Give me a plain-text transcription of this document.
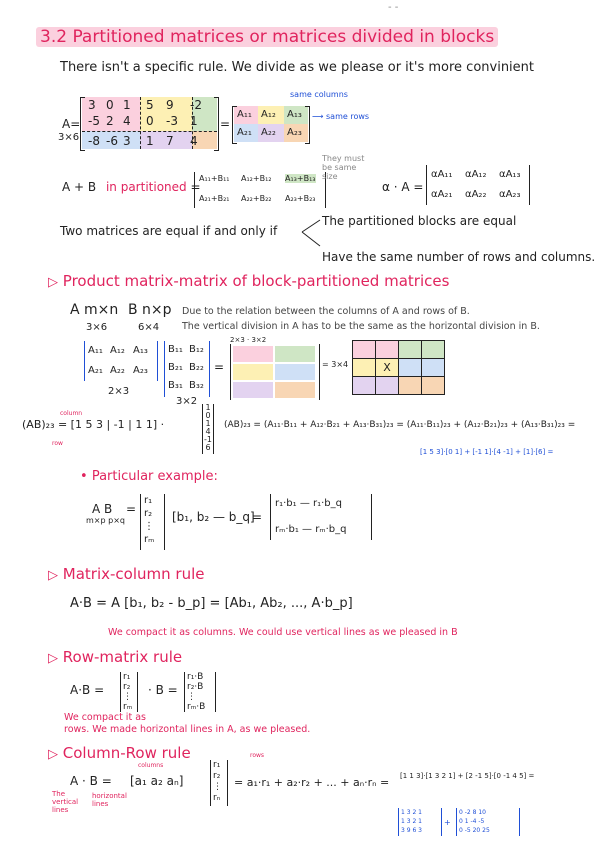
- -
3.2 Partitioned matrices or matrices divided in blocks
There isn't a specific rule. We divide as we please or it's more convinient
A=
3×6
3 0 1 5 9 -2
-5 2 4 0 -3 1
-8 -6 3 1 7 4
=
A₁₁ A₁₂ A₁₃
A₂₁ A₂₂ A₂₃
same columns
⟶ same rows
A + B in partitioned =
A₁₁+B₁₁ A₁₂+B₁₂ A₁₃+B₁₃
A₂₁+B₂₁ A₂₂+B₂₂ A₂₃+B₂₃
They must be same size
α · A =
αA₁₁ αA₁₂ αA₁₃
αA₂₁ αA₂₂ αA₂₃
Two matrices are equal if and only if
The partitioned blocks are equal
Have the same number of rows and columns.
▷ Product matrix-matrix of block-partitioned matrices
A m×n B n×p
3×6	6×4
Due to the relation between the columns of A and rows of B.
The vertical division in A has to be the same as the horizontal division in B.
A₁₁ A₁₂ A₁₃
A₂₁ A₂₂ A₂₃
2×3
B₁₁ B₁₂
B₂₁ B₂₂
B₃₁ B₃₂
3×2
=
2×3 · 3×2
= 3×4

		X		

(AB)₂₃ = [1 5 3 | -1 | 1 1] ·
1
0
1
4
-1
6
column
row
(AB)₂₃ = (A₁₁·B₁₁ + A₁₂·B₂₁ + A₁₃·B₃₁)₂₃ = (A₁₁·B₁₁)₂₃ + (A₁₂·B₂₁)₂₃ + (A₁₃·B₃₁)₂₃ =
[1 5 3]·[0 1] + [-1 1]·[4 -1] + [1]·[6] =
• Particular example:
A B
m×p p×q
=
r₁
r₂
⋮
rₘ
[b₁, b₂ — b_q]
=
r₁·b₁ — r₁·b_q
rₘ·b₁ — rₘ·b_q
▷ Matrix-column rule
A·B = A [b₁, b₂ - b_p] = [Ab₁, Ab₂, ..., A·b_p]
We compact it as columns. We could use vertical lines as we pleased in B
▷ Row-matrix rule
A·B =
r₁
r₂
⋮
rₘ
· B =
r₁·B
r₂·B
⋮
rₘ·B
We compact it as
rows. We made horizontal lines in A, as we pleased.
▷ Column-Row rule
A · B = [a₁ a₂ aₙ]
columns
rows
r₁
r₂
⋮
rₙ
= a₁·r₁ + a₂·r₂ + ... + aₙ·rₙ =
The vertical lines
horizontal lines
[1 1 3]·[1 3 2 1] + [2 -1 5]·[0 -1 4 5] =
1 3 2 1
1 3 2 1
3 9 6 3
+
0 -2 8 10
0 1 -4 -5
0 -5 20 25
